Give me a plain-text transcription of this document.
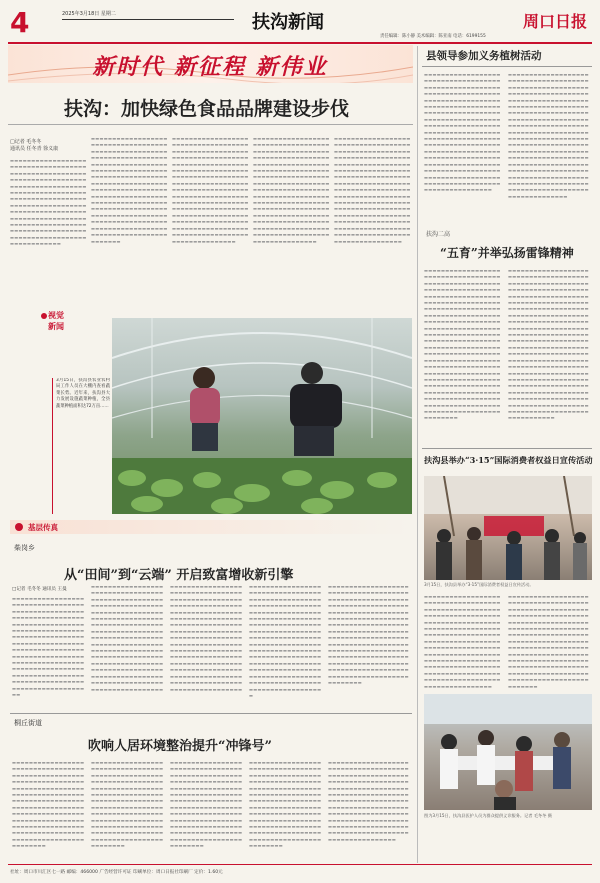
4	2025年3月18日 星期二	扶沟新闻	周口日报
责任编辑：陈小静 美术编辑：陈亚南 电话：6199155
新时代 新征程 新伟业
扶沟：加快绿色食品品牌建设步伐
□记者 毛冬冬
通讯员 任冬青 徐义康
▬▬▬▬▬▬▬▬▬▬▬▬▬▬▬▬▬▬▬▬▬▬▬▬▬▬▬▬▬▬▬▬▬▬▬▬▬▬▬▬▬▬▬▬▬▬▬▬▬▬▬▬▬▬▬▬▬▬▬▬▬▬▬▬▬▬▬▬▬▬▬▬▬▬▬▬▬▬▬▬▬▬▬▬▬▬▬▬▬▬▬▬▬▬▬▬▬▬▬▬▬▬▬▬▬▬▬▬▬▬▬▬▬▬▬▬▬▬▬▬▬▬▬▬▬▬▬▬▬▬▬▬▬▬▬▬▬▬▬▬▬▬▬▬▬▬▬▬▬▬▬▬▬▬▬▬▬▬▬▬▬▬▬▬▬▬▬▬▬▬▬▬▬▬▬▬▬▬▬▬▬▬▬▬▬▬▬▬▬▬▬▬▬▬▬▬▬▬▬▬▬▬▬▬▬▬▬▬▬▬▬▬▬▬▬▬▬▬▬▬▬▬▬▬▬▬▬▬▬▬▬▬▬▬▬▬▬▬▬▬▬▬▬▬▬▬
▬▬▬▬▬▬▬▬▬▬▬▬▬▬▬▬▬▬▬▬▬▬▬▬▬▬▬▬▬▬▬▬▬▬▬▬▬▬▬▬▬▬▬▬▬▬▬▬▬▬▬▬▬▬▬▬▬▬▬▬▬▬▬▬▬▬▬▬▬▬▬▬▬▬▬▬▬▬▬▬▬▬▬▬▬▬▬▬▬▬▬▬▬▬▬▬▬▬▬▬▬▬▬▬▬▬▬▬▬▬▬▬▬▬▬▬▬▬▬▬▬▬▬▬▬▬▬▬▬▬▬▬▬▬▬▬▬▬▬▬▬▬▬▬▬▬▬▬▬▬▬▬▬▬▬▬▬▬▬▬▬▬▬▬▬▬▬▬▬▬▬▬▬▬▬▬▬▬▬▬▬▬▬▬▬▬▬▬▬▬▬▬▬▬▬▬▬▬▬▬▬▬▬▬▬▬▬▬▬▬▬▬▬▬▬▬▬▬▬▬▬▬▬▬▬▬▬▬▬▬▬▬▬▬▬▬▬▬▬▬▬▬▬▬▬▬▬▬▬▬▬▬▬▬▬▬▬▬▬▬▬▬▬▬▬▬▬▬▬▬▬▬▬▬▬▬▬▬▬▬▬▬▬▬▬▬▬▬▬▬▬▬▬▬▬
▬▬▬▬▬▬▬▬▬▬▬▬▬▬▬▬▬▬▬▬▬▬▬▬▬▬▬▬▬▬▬▬▬▬▬▬▬▬▬▬▬▬▬▬▬▬▬▬▬▬▬▬▬▬▬▬▬▬▬▬▬▬▬▬▬▬▬▬▬▬▬▬▬▬▬▬▬▬▬▬▬▬▬▬▬▬▬▬▬▬▬▬▬▬▬▬▬▬▬▬▬▬▬▬▬▬▬▬▬▬▬▬▬▬▬▬▬▬▬▬▬▬▬▬▬▬▬▬▬▬▬▬▬▬▬▬▬▬▬▬▬▬▬▬▬▬▬▬▬▬▬▬▬▬▬▬▬▬▬▬▬▬▬▬▬▬▬▬▬▬▬▬▬▬▬▬▬▬▬▬▬▬▬▬▬▬▬▬▬▬▬▬▬▬▬▬▬▬▬▬▬▬▬▬▬▬▬▬▬▬▬▬▬▬▬▬▬▬▬▬▬▬▬▬▬▬▬▬▬▬▬▬▬▬▬▬▬▬▬▬▬▬▬▬▬▬▬▬▬▬▬▬▬▬▬▬▬▬▬▬▬▬▬▬▬▬▬▬▬▬▬▬▬▬▬▬▬▬▬▬▬▬▬▬▬▬▬▬▬▬▬▬▬▬▬▬▬▬▬▬▬▬▬
▬▬▬▬▬▬▬▬▬▬▬▬▬▬▬▬▬▬▬▬▬▬▬▬▬▬▬▬▬▬▬▬▬▬▬▬▬▬▬▬▬▬▬▬▬▬▬▬▬▬▬▬▬▬▬▬▬▬▬▬▬▬▬▬▬▬▬▬▬▬▬▬▬▬▬▬▬▬▬▬▬▬▬▬▬▬▬▬▬▬▬▬▬▬▬▬▬▬▬▬▬▬▬▬▬▬▬▬▬▬▬▬▬▬▬▬▬▬▬▬▬▬▬▬▬▬▬▬▬▬▬▬▬▬▬▬▬▬▬▬▬▬▬▬▬▬▬▬▬▬▬▬▬▬▬▬▬▬▬▬▬▬▬▬▬▬▬▬▬▬▬▬▬▬▬▬▬▬▬▬▬▬▬▬▬▬▬▬▬▬▬▬▬▬▬▬▬▬▬▬▬▬▬▬▬▬▬▬▬▬▬▬▬▬▬▬▬▬▬▬▬▬▬▬▬▬▬▬▬▬▬▬▬▬▬▬▬▬▬▬▬▬▬▬▬▬▬▬▬▬▬▬▬▬▬▬▬▬▬▬▬▬▬▬▬▬▬▬▬▬▬▬▬▬▬▬▬▬▬▬▬▬▬▬▬▬▬▬▬▬▬▬▬▬▬▬▬▬▬▬▬▬▬
▬▬▬▬▬▬▬▬▬▬▬▬▬▬▬▬▬▬▬▬▬▬▬▬▬▬▬▬▬▬▬▬▬▬▬▬▬▬▬▬▬▬▬▬▬▬▬▬▬▬▬▬▬▬▬▬▬▬▬▬▬▬▬▬▬▬▬▬▬▬▬▬▬▬▬▬▬▬▬▬▬▬▬▬▬▬▬▬▬▬▬▬▬▬▬▬▬▬▬▬▬▬▬▬▬▬▬▬▬▬▬▬▬▬▬▬▬▬▬▬▬▬▬▬▬▬▬▬▬▬▬▬▬▬▬▬▬▬▬▬▬▬▬▬▬▬▬▬▬▬▬▬▬▬▬▬▬▬▬▬▬▬▬▬▬▬▬▬▬▬▬▬▬▬▬▬▬▬▬▬▬▬▬▬▬▬▬▬▬▬▬▬▬▬▬▬▬▬▬▬▬▬▬▬▬▬▬▬▬▬▬▬▬▬▬▬▬▬▬▬▬▬▬▬▬▬▬▬▬▬▬▬▬▬▬▬▬▬▬▬▬▬▬▬▬▬▬▬▬▬▬▬▬▬▬▬▬▬▬▬▬▬▬▬▬▬▬▬▬▬▬▬▬▬▬▬▬▬▬▬▬▬▬▬▬▬▬▬▬▬▬▬▬▬▬▬▬▬▬▬▬▬▬▬
视觉
新闻
3月15日，扶沟县农业农村局工作人员在大棚内查看蔬菜长势。近年来，扶沟县大力发展设施蔬菜种植，全县蔬菜种植面积达72万亩……
基层传真
柴岗乡
从“田间”到“云端” 开启致富增收新引擎
□记者 毛冬冬 通讯员 王曼
▬▬▬▬▬▬▬▬▬▬▬▬▬▬▬▬▬▬▬▬▬▬▬▬▬▬▬▬▬▬▬▬▬▬▬▬▬▬▬▬▬▬▬▬▬▬▬▬▬▬▬▬▬▬▬▬▬▬▬▬▬▬▬▬▬▬▬▬▬▬▬▬▬▬▬▬▬▬▬▬▬▬▬▬▬▬▬▬▬▬▬▬▬▬▬▬▬▬▬▬▬▬▬▬▬▬▬▬▬▬▬▬▬▬▬▬▬▬▬▬▬▬▬▬▬▬▬▬▬▬▬▬▬▬▬▬▬▬▬▬▬▬▬▬▬▬▬▬▬▬▬▬▬▬▬▬▬▬▬▬▬▬▬▬▬▬▬▬▬▬▬▬▬▬▬▬▬▬▬▬▬▬▬▬▬▬▬▬▬▬▬▬▬▬▬▬▬▬▬▬▬▬▬▬▬▬▬▬▬▬▬▬▬▬▬▬▬▬▬▬▬▬▬▬▬▬▬▬▬▬▬▬▬▬▬▬▬▬▬▬▬▬▬▬▬▬▬▬▬▬▬▬▬▬▬▬▬
▬▬▬▬▬▬▬▬▬▬▬▬▬▬▬▬▬▬▬▬▬▬▬▬▬▬▬▬▬▬▬▬▬▬▬▬▬▬▬▬▬▬▬▬▬▬▬▬▬▬▬▬▬▬▬▬▬▬▬▬▬▬▬▬▬▬▬▬▬▬▬▬▬▬▬▬▬▬▬▬▬▬▬▬▬▬▬▬▬▬▬▬▬▬▬▬▬▬▬▬▬▬▬▬▬▬▬▬▬▬▬▬▬▬▬▬▬▬▬▬▬▬▬▬▬▬▬▬▬▬▬▬▬▬▬▬▬▬▬▬▬▬▬▬▬▬▬▬▬▬▬▬▬▬▬▬▬▬▬▬▬▬▬▬▬▬▬▬▬▬▬▬▬▬▬▬▬▬▬▬▬▬▬▬▬▬▬▬▬▬▬▬▬▬▬▬▬▬▬▬▬▬▬▬▬▬▬▬▬▬▬▬▬▬▬▬▬▬▬▬▬▬▬▬▬▬▬▬▬▬▬▬▬▬▬▬▬▬▬▬▬▬▬▬▬▬▬▬▬▬▬▬▬▬▬▬▬▬▬▬▬▬▬▬▬▬▬▬▬▬▬▬▬▬▬▬▬▬▬▬▬▬▬▬▬▬▬▬▬
▬▬▬▬▬▬▬▬▬▬▬▬▬▬▬▬▬▬▬▬▬▬▬▬▬▬▬▬▬▬▬▬▬▬▬▬▬▬▬▬▬▬▬▬▬▬▬▬▬▬▬▬▬▬▬▬▬▬▬▬▬▬▬▬▬▬▬▬▬▬▬▬▬▬▬▬▬▬▬▬▬▬▬▬▬▬▬▬▬▬▬▬▬▬▬▬▬▬▬▬▬▬▬▬▬▬▬▬▬▬▬▬▬▬▬▬▬▬▬▬▬▬▬▬▬▬▬▬▬▬▬▬▬▬▬▬▬▬▬▬▬▬▬▬▬▬▬▬▬▬▬▬▬▬▬▬▬▬▬▬▬▬▬▬▬▬▬▬▬▬▬▬▬▬▬▬▬▬▬▬▬▬▬▬▬▬▬▬▬▬▬▬▬▬▬▬▬▬▬▬▬▬▬▬▬▬▬▬▬▬▬▬▬▬▬▬▬▬▬▬▬▬▬▬▬▬▬▬▬▬▬▬▬▬▬▬▬▬▬▬▬▬▬▬▬▬▬▬▬▬▬▬▬▬▬▬▬▬▬▬▬▬▬▬▬▬▬▬▬▬▬▬▬▬▬▬▬▬▬▬▬▬▬▬▬▬▬▬▬
▬▬▬▬▬▬▬▬▬▬▬▬▬▬▬▬▬▬▬▬▬▬▬▬▬▬▬▬▬▬▬▬▬▬▬▬▬▬▬▬▬▬▬▬▬▬▬▬▬▬▬▬▬▬▬▬▬▬▬▬▬▬▬▬▬▬▬▬▬▬▬▬▬▬▬▬▬▬▬▬▬▬▬▬▬▬▬▬▬▬▬▬▬▬▬▬▬▬▬▬▬▬▬▬▬▬▬▬▬▬▬▬▬▬▬▬▬▬▬▬▬▬▬▬▬▬▬▬▬▬▬▬▬▬▬▬▬▬▬▬▬▬▬▬▬▬▬▬▬▬▬▬▬▬▬▬▬▬▬▬▬▬▬▬▬▬▬▬▬▬▬▬▬▬▬▬▬▬▬▬▬▬▬▬▬▬▬▬▬▬▬▬▬▬▬▬▬▬▬▬▬▬▬▬▬▬▬▬▬▬▬▬▬▬▬▬▬▬▬▬▬▬▬▬▬▬▬▬▬▬▬▬▬▬▬▬▬▬▬▬▬▬▬▬▬▬▬▬▬▬▬▬▬▬▬▬▬▬▬▬▬▬▬▬▬▬▬▬▬▬▬▬▬▬▬▬▬▬▬▬▬▬▬▬▬▬▬▬▬▬
▬▬▬▬▬▬▬▬▬▬▬▬▬▬▬▬▬▬▬▬▬▬▬▬▬▬▬▬▬▬▬▬▬▬▬▬▬▬▬▬▬▬▬▬▬▬▬▬▬▬▬▬▬▬▬▬▬▬▬▬▬▬▬▬▬▬▬▬▬▬▬▬▬▬▬▬▬▬▬▬▬▬▬▬▬▬▬▬▬▬▬▬▬▬▬▬▬▬▬▬▬▬▬▬▬▬▬▬▬▬▬▬▬▬▬▬▬▬▬▬▬▬▬▬▬▬▬▬▬▬▬▬▬▬▬▬▬▬▬▬▬▬▬▬▬▬▬▬▬▬▬▬▬▬▬▬▬▬▬▬▬▬▬▬▬▬▬▬▬▬▬▬▬▬▬▬▬▬▬▬▬▬▬▬▬▬▬▬▬▬▬▬▬▬▬▬▬▬▬▬▬▬▬▬▬▬▬▬▬▬▬▬▬▬▬▬▬▬▬▬▬▬▬▬▬▬▬▬▬▬▬▬▬▬▬▬▬▬▬▬▬▬▬▬▬▬▬▬▬▬▬▬▬▬▬▬▬▬▬▬▬▬▬▬▬▬▬▬▬▬▬▬▬▬▬▬▬▬▬▬▬▬▬▬▬▬▬▬▬▬▬▬▬
桐丘街道
吹响人居环境整治提升“冲锋号”
▬▬▬▬▬▬▬▬▬▬▬▬▬▬▬▬▬▬▬▬▬▬▬▬▬▬▬▬▬▬▬▬▬▬▬▬▬▬▬▬▬▬▬▬▬▬▬▬▬▬▬▬▬▬▬▬▬▬▬▬▬▬▬▬▬▬▬▬▬▬▬▬▬▬▬▬▬▬▬▬▬▬▬▬▬▬▬▬▬▬▬▬▬▬▬▬▬▬▬▬▬▬▬▬▬▬▬▬▬▬▬▬▬▬▬▬▬▬▬▬▬▬▬▬▬▬▬▬▬▬▬▬▬▬▬▬▬▬▬▬▬▬▬▬▬▬▬▬▬▬▬▬▬▬▬▬▬▬▬▬▬▬▬▬▬▬▬▬▬▬▬▬▬▬▬▬▬▬▬▬▬▬▬▬▬▬▬▬▬▬▬▬▬▬▬▬▬▬▬▬▬▬▬▬▬▬▬▬▬▬▬▬▬▬▬▬▬▬▬▬▬▬▬▬▬▬▬▬▬
▬▬▬▬▬▬▬▬▬▬▬▬▬▬▬▬▬▬▬▬▬▬▬▬▬▬▬▬▬▬▬▬▬▬▬▬▬▬▬▬▬▬▬▬▬▬▬▬▬▬▬▬▬▬▬▬▬▬▬▬▬▬▬▬▬▬▬▬▬▬▬▬▬▬▬▬▬▬▬▬▬▬▬▬▬▬▬▬▬▬▬▬▬▬▬▬▬▬▬▬▬▬▬▬▬▬▬▬▬▬▬▬▬▬▬▬▬▬▬▬▬▬▬▬▬▬▬▬▬▬▬▬▬▬▬▬▬▬▬▬▬▬▬▬▬▬▬▬▬▬▬▬▬▬▬▬▬▬▬▬▬▬▬▬▬▬▬▬▬▬▬▬▬▬▬▬▬▬▬▬▬▬▬▬▬▬▬▬▬▬▬▬▬▬▬▬▬▬▬▬▬▬▬▬▬▬▬▬▬▬▬▬▬▬▬▬▬▬▬▬▬▬▬▬▬▬▬▬▬
▬▬▬▬▬▬▬▬▬▬▬▬▬▬▬▬▬▬▬▬▬▬▬▬▬▬▬▬▬▬▬▬▬▬▬▬▬▬▬▬▬▬▬▬▬▬▬▬▬▬▬▬▬▬▬▬▬▬▬▬▬▬▬▬▬▬▬▬▬▬▬▬▬▬▬▬▬▬▬▬▬▬▬▬▬▬▬▬▬▬▬▬▬▬▬▬▬▬▬▬▬▬▬▬▬▬▬▬▬▬▬▬▬▬▬▬▬▬▬▬▬▬▬▬▬▬▬▬▬▬▬▬▬▬▬▬▬▬▬▬▬▬▬▬▬▬▬▬▬▬▬▬▬▬▬▬▬▬▬▬▬▬▬▬▬▬▬▬▬▬▬▬▬▬▬▬▬▬▬▬▬▬▬▬▬▬▬▬▬▬▬▬▬▬▬▬▬▬▬▬▬▬▬▬▬▬▬▬▬▬▬▬▬▬▬▬▬▬▬▬▬▬▬▬▬▬▬▬▬
▬▬▬▬▬▬▬▬▬▬▬▬▬▬▬▬▬▬▬▬▬▬▬▬▬▬▬▬▬▬▬▬▬▬▬▬▬▬▬▬▬▬▬▬▬▬▬▬▬▬▬▬▬▬▬▬▬▬▬▬▬▬▬▬▬▬▬▬▬▬▬▬▬▬▬▬▬▬▬▬▬▬▬▬▬▬▬▬▬▬▬▬▬▬▬▬▬▬▬▬▬▬▬▬▬▬▬▬▬▬▬▬▬▬▬▬▬▬▬▬▬▬▬▬▬▬▬▬▬▬▬▬▬▬▬▬▬▬▬▬▬▬▬▬▬▬▬▬▬▬▬▬▬▬▬▬▬▬▬▬▬▬▬▬▬▬▬▬▬▬▬▬▬▬▬▬▬▬▬▬▬▬▬▬▬▬▬▬▬▬▬▬▬▬▬▬▬▬▬▬▬▬▬▬▬▬▬▬▬▬▬▬▬▬▬▬▬▬▬▬▬▬▬▬▬▬▬▬▬
▬▬▬▬▬▬▬▬▬▬▬▬▬▬▬▬▬▬▬▬▬▬▬▬▬▬▬▬▬▬▬▬▬▬▬▬▬▬▬▬▬▬▬▬▬▬▬▬▬▬▬▬▬▬▬▬▬▬▬▬▬▬▬▬▬▬▬▬▬▬▬▬▬▬▬▬▬▬▬▬▬▬▬▬▬▬▬▬▬▬▬▬▬▬▬▬▬▬▬▬▬▬▬▬▬▬▬▬▬▬▬▬▬▬▬▬▬▬▬▬▬▬▬▬▬▬▬▬▬▬▬▬▬▬▬▬▬▬▬▬▬▬▬▬▬▬▬▬▬▬▬▬▬▬▬▬▬▬▬▬▬▬▬▬▬▬▬▬▬▬▬▬▬▬▬▬▬▬▬▬▬▬▬▬▬▬▬▬▬▬▬▬▬▬▬▬▬▬▬▬▬▬▬▬▬▬▬▬▬▬▬▬▬▬▬▬▬▬▬▬▬▬▬▬▬▬▬▬▬▬▬▬▬▬▬▬▬▬▬▬▬▬▬▬
县领导参加义务植树活动
▬▬▬▬▬▬▬▬▬▬▬▬▬▬▬▬▬▬▬▬▬▬▬▬▬▬▬▬▬▬▬▬▬▬▬▬▬▬▬▬▬▬▬▬▬▬▬▬▬▬▬▬▬▬▬▬▬▬▬▬▬▬▬▬▬▬▬▬▬▬▬▬▬▬▬▬▬▬▬▬▬▬▬▬▬▬▬▬▬▬▬▬▬▬▬▬▬▬▬▬▬▬▬▬▬▬▬▬▬▬▬▬▬▬▬▬▬▬▬▬▬▬▬▬▬▬▬▬▬▬▬▬▬▬▬▬▬▬▬▬▬▬▬▬▬▬▬▬▬▬▬▬▬▬▬▬▬▬▬▬▬▬▬▬▬▬▬▬▬▬▬▬▬▬▬▬▬▬▬▬▬▬▬▬▬▬▬▬▬▬▬▬▬▬▬▬▬▬▬▬▬▬▬▬▬▬▬▬▬▬▬▬▬▬▬▬▬▬▬▬▬▬▬▬▬▬▬▬▬▬▬▬▬▬▬▬▬▬▬▬▬▬▬▬▬▬▬▬▬▬▬▬▬▬▬▬▬▬▬▬▬▬▬▬▬▬▬▬▬▬▬▬▬▬▬▬▬▬▬▬▬▬▬▬▬▬▬▬▬▬▬▬▬▬▬▬▬▬▬▬▬▬▬▬▬▬▬▬▬▬▬▬▬▬▬▬▬▬▬▬▬▬▬▬▬▬▬▬▬▬▬▬▬▬▬▬▬▬▬▬
▬▬▬▬▬▬▬▬▬▬▬▬▬▬▬▬▬▬▬▬▬▬▬▬▬▬▬▬▬▬▬▬▬▬▬▬▬▬▬▬▬▬▬▬▬▬▬▬▬▬▬▬▬▬▬▬▬▬▬▬▬▬▬▬▬▬▬▬▬▬▬▬▬▬▬▬▬▬▬▬▬▬▬▬▬▬▬▬▬▬▬▬▬▬▬▬▬▬▬▬▬▬▬▬▬▬▬▬▬▬▬▬▬▬▬▬▬▬▬▬▬▬▬▬▬▬▬▬▬▬▬▬▬▬▬▬▬▬▬▬▬▬▬▬▬▬▬▬▬▬▬▬▬▬▬▬▬▬▬▬▬▬▬▬▬▬▬▬▬▬▬▬▬▬▬▬▬▬▬▬▬▬▬▬▬▬▬▬▬▬▬▬▬▬▬▬▬▬▬▬▬▬▬▬▬▬▬▬▬▬▬▬▬▬▬▬▬▬▬▬▬▬▬▬▬▬▬▬▬▬▬▬▬▬▬▬▬▬▬▬▬▬▬▬▬▬▬▬▬▬▬▬▬▬▬▬▬▬▬▬▬▬▬▬▬▬▬▬▬▬▬▬▬▬▬▬▬▬▬▬▬▬▬▬▬▬▬▬▬▬▬▬▬▬▬▬▬▬▬▬▬▬▬▬▬▬▬▬▬▬▬▬▬▬▬▬▬▬▬▬▬▬▬▬▬▬▬▬▬▬▬▬▬▬▬▬▬▬▬▬▬▬▬▬▬▬▬▬▬▬▬▬▬▬▬▬▬▬▬▬▬▬▬▬▬▬▬▬▬▬▬▬▬▬▬
扶沟二高
“五育”并举弘扬雷锋精神
▬▬▬▬▬▬▬▬▬▬▬▬▬▬▬▬▬▬▬▬▬▬▬▬▬▬▬▬▬▬▬▬▬▬▬▬▬▬▬▬▬▬▬▬▬▬▬▬▬▬▬▬▬▬▬▬▬▬▬▬▬▬▬▬▬▬▬▬▬▬▬▬▬▬▬▬▬▬▬▬▬▬▬▬▬▬▬▬▬▬▬▬▬▬▬▬▬▬▬▬▬▬▬▬▬▬▬▬▬▬▬▬▬▬▬▬▬▬▬▬▬▬▬▬▬▬▬▬▬▬▬▬▬▬▬▬▬▬▬▬▬▬▬▬▬▬▬▬▬▬▬▬▬▬▬▬▬▬▬▬▬▬▬▬▬▬▬▬▬▬▬▬▬▬▬▬▬▬▬▬▬▬▬▬▬▬▬▬▬▬▬▬▬▬▬▬▬▬▬▬▬▬▬▬▬▬▬▬▬▬▬▬▬▬▬▬▬▬▬▬▬▬▬▬▬▬▬▬▬▬▬▬▬▬▬▬▬▬▬▬▬▬▬▬▬▬▬▬▬▬▬▬▬▬▬▬▬▬▬▬▬▬▬▬▬▬▬▬▬▬▬▬▬▬▬▬▬▬▬▬▬▬▬▬▬▬▬▬▬▬▬▬▬▬▬▬▬▬▬▬▬▬▬▬▬▬▬▬▬▬▬▬▬▬▬▬▬▬▬▬▬▬▬▬▬▬▬▬▬▬▬▬▬▬▬▬▬▬▬▬▬▬▬▬▬▬▬▬▬▬▬▬▬▬▬▬▬▬▬▬▬▬▬▬▬▬▬▬▬▬▬▬▬▬▬▬▬▬▬▬▬▬▬▬▬▬▬▬▬▬▬▬▬▬▬▬▬▬▬▬▬▬▬▬▬▬▬▬▬▬▬▬▬▬▬▬▬▬▬▬▬▬
▬▬▬▬▬▬▬▬▬▬▬▬▬▬▬▬▬▬▬▬▬▬▬▬▬▬▬▬▬▬▬▬▬▬▬▬▬▬▬▬▬▬▬▬▬▬▬▬▬▬▬▬▬▬▬▬▬▬▬▬▬▬▬▬▬▬▬▬▬▬▬▬▬▬▬▬▬▬▬▬▬▬▬▬▬▬▬▬▬▬▬▬▬▬▬▬▬▬▬▬▬▬▬▬▬▬▬▬▬▬▬▬▬▬▬▬▬▬▬▬▬▬▬▬▬▬▬▬▬▬▬▬▬▬▬▬▬▬▬▬▬▬▬▬▬▬▬▬▬▬▬▬▬▬▬▬▬▬▬▬▬▬▬▬▬▬▬▬▬▬▬▬▬▬▬▬▬▬▬▬▬▬▬▬▬▬▬▬▬▬▬▬▬▬▬▬▬▬▬▬▬▬▬▬▬▬▬▬▬▬▬▬▬▬▬▬▬▬▬▬▬▬▬▬▬▬▬▬▬▬▬▬▬▬▬▬▬▬▬▬▬▬▬▬▬▬▬▬▬▬▬▬▬▬▬▬▬▬▬▬▬▬▬▬▬▬▬▬▬▬▬▬▬▬▬▬▬▬▬▬▬▬▬▬▬▬▬▬▬▬▬▬▬▬▬▬▬▬▬▬▬▬▬▬▬▬▬▬▬▬▬▬▬▬▬▬▬▬▬▬▬▬▬▬▬▬▬▬▬▬▬▬▬▬▬▬▬▬▬▬▬▬▬▬▬▬▬▬▬▬▬▬▬▬▬▬▬▬▬▬▬▬▬▬▬▬▬▬▬▬▬▬▬▬▬▬▬▬▬▬▬▬▬▬▬▬▬▬▬▬▬▬▬▬▬▬▬▬▬▬▬▬▬▬▬▬▬▬▬▬▬▬▬▬▬▬▬▬▬▬▬▬▬▬▬▬▬▬▬▬▬▬▬▬▬▬▬▬▬▬▬▬▬▬▬▬▬▬
扶沟县举办“3·15”国际消费者权益日宣传活动
3月15日，扶沟县举办“3·15”国际消费者权益日宣传活动。
▬▬▬▬▬▬▬▬▬▬▬▬▬▬▬▬▬▬▬▬▬▬▬▬▬▬▬▬▬▬▬▬▬▬▬▬▬▬▬▬▬▬▬▬▬▬▬▬▬▬▬▬▬▬▬▬▬▬▬▬▬▬▬▬▬▬▬▬▬▬▬▬▬▬▬▬▬▬▬▬▬▬▬▬▬▬▬▬▬▬▬▬▬▬▬▬▬▬▬▬▬▬▬▬▬▬▬▬▬▬▬▬▬▬▬▬▬▬▬▬▬▬▬▬▬▬▬▬▬▬▬▬▬▬▬▬▬▬▬▬▬▬▬▬▬▬▬▬▬▬▬▬▬▬▬▬▬▬▬▬▬▬▬▬▬▬▬▬▬▬▬▬▬▬▬▬▬▬▬▬▬▬▬▬▬▬▬▬▬▬▬▬▬▬▬▬▬▬▬▬▬▬▬▬▬▬▬▬▬▬▬▬▬▬▬▬▬▬▬▬▬▬▬▬▬▬▬▬▬▬▬▬▬▬▬▬▬▬▬▬▬▬▬▬▬▬▬▬▬▬▬▬▬▬▬▬▬▬▬▬▬▬▬▬▬▬▬▬
▬▬▬▬▬▬▬▬▬▬▬▬▬▬▬▬▬▬▬▬▬▬▬▬▬▬▬▬▬▬▬▬▬▬▬▬▬▬▬▬▬▬▬▬▬▬▬▬▬▬▬▬▬▬▬▬▬▬▬▬▬▬▬▬▬▬▬▬▬▬▬▬▬▬▬▬▬▬▬▬▬▬▬▬▬▬▬▬▬▬▬▬▬▬▬▬▬▬▬▬▬▬▬▬▬▬▬▬▬▬▬▬▬▬▬▬▬▬▬▬▬▬▬▬▬▬▬▬▬▬▬▬▬▬▬▬▬▬▬▬▬▬▬▬▬▬▬▬▬▬▬▬▬▬▬▬▬▬▬▬▬▬▬▬▬▬▬▬▬▬▬▬▬▬▬▬▬▬▬▬▬▬▬▬▬▬▬▬▬▬▬▬▬▬▬▬▬▬▬▬▬▬▬▬▬▬▬▬▬▬▬▬▬▬▬▬▬▬▬▬▬▬▬▬▬▬▬▬▬▬▬▬▬▬▬▬▬▬▬▬▬▬▬▬▬▬▬▬▬▬▬▬▬▬▬▬▬▬▬▬▬▬▬▬▬▬▬▬▬▬▬▬▬
图为3月15日，扶沟县医护人员为群众提供义诊服务。记者 毛冬冬 摄
社址：周口市川汇区七一路 邮编：466000 广告经营许可证 印刷单位：周口日报社印刷厂 定价：1.60元
